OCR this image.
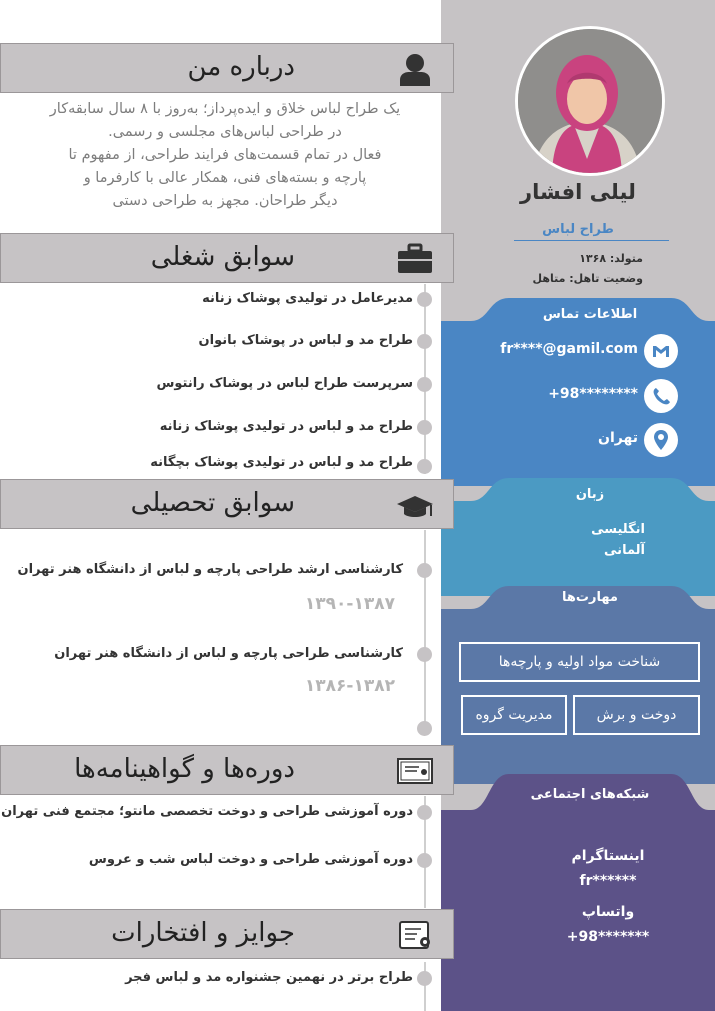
لیلی افشار
طراح لباس
متولد: ۱۳۶۸
وضعیت تاهل: متاهل
اطلاعات تماس
fr****@gamil.com
+98********
تهران
زبان
انگلیسی
آلمانی
مهارت‌ها
شناخت مواد اولیه و پارچه‌ها
دوخت و برش
مدیریت گروه
شبکه‌های اجتماعی
اینستاگرام
fr******
واتساپ
+98*******
درباره من
یک طراح لباس خلاق و ایده‌پرداز؛ به‌روز با ۸ سال سابقه‌کار
در طراحی لباس‌های مجلسی و رسمی.
فعال در تمام قسمت‌های فرایند طراحی، از مفهوم تا
پارچه و بسته‌های فنی، همکار عالی با کارفرما و
دیگر طراحان. مجهز به طراحی دستی
سوابق شغلی
مدیرعامل در تولیدی پوشاک زنانه
طراح مد و لباس در پوشاک بانوان
سرپرست طراح لباس در پوشاک رانتوس
طراح مد و لباس در تولیدی پوشاک زنانه
طراح مد و لباس در تولیدی پوشاک بچگانه
سوابق تحصیلی
کارشناسی ارشد طراحی پارچه و لباس از دانشگاه هنر تهران
۱۳۹۰-۱۳۸۷
کارشناسی طراحی پارچه و لباس از دانشگاه هنر تهران
۱۳۸۶-۱۳۸۲
دوره‌ها و گواهینامه‌ها
دوره آموزشی طراحی و دوخت تخصصی مانتو؛ مجتمع فنی تهران
دوره آموزشی طراحی و دوخت لباس شب و عروس
جوایز و افتخارات
طراح برتر در نهمین جشنواره مد و لباس فجر
